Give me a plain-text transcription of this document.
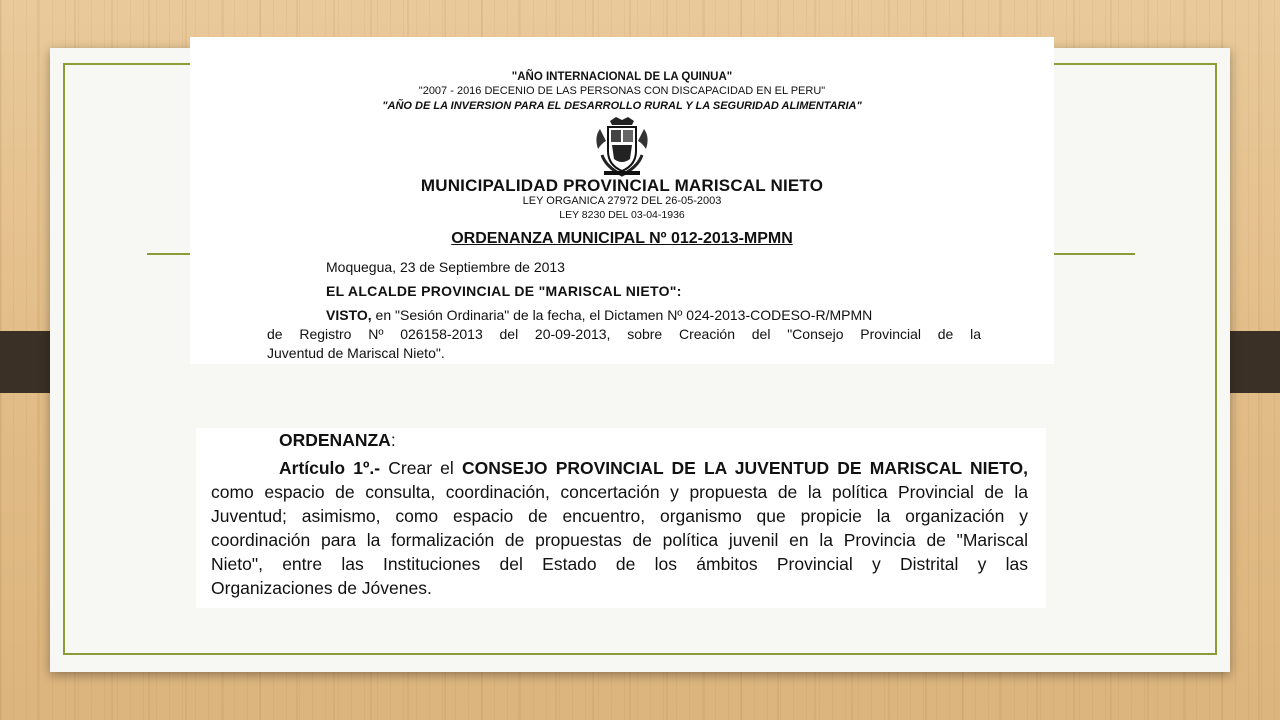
"AÑO INTERNACIONAL DE LA QUINUA"
"2007 - 2016 DECENIO DE LAS PERSONAS CON DISCAPACIDAD EN EL PERU"
"AÑO DE LA INVERSION PARA EL DESARROLLO RURAL Y LA SEGURIDAD ALIMENTARIA"
MUNICIPALIDAD PROVINCIAL MARISCAL NIETO
LEY ORGANICA 27972 DEL 26-05-2003
LEY 8230 DEL 03-04-1936
ORDENANZA MUNICIPAL Nº 012-2013-MPMN
Moquegua, 23 de Septiembre de 2013
EL ALCALDE PROVINCIAL DE "MARISCAL NIETO":
VISTO, en "Sesión Ordinaria" de la fecha, el Dictamen Nº 024-2013-CODESO-R/MPMN
de Registro Nº 026158-2013 del 20-09-2013, sobre Creación del "Consejo Provincial de la
Juventud de Mariscal Nieto".
ORDENANZA:
Artículo 1º.- Crear el CONSEJO PROVINCIAL DE LA JUVENTUD DE MARISCAL NIETO,
como espacio de consulta, coordinación, concertación y propuesta de la política Provincial de la
Juventud; asimismo, como espacio de encuentro, organismo que propicie la organización y
coordinación para la formalización de propuestas de política juvenil en la Provincia de "Mariscal
Nieto", entre las Instituciones del Estado de los ámbitos Provincial y Distrital y las
Organizaciones de Jóvenes.
